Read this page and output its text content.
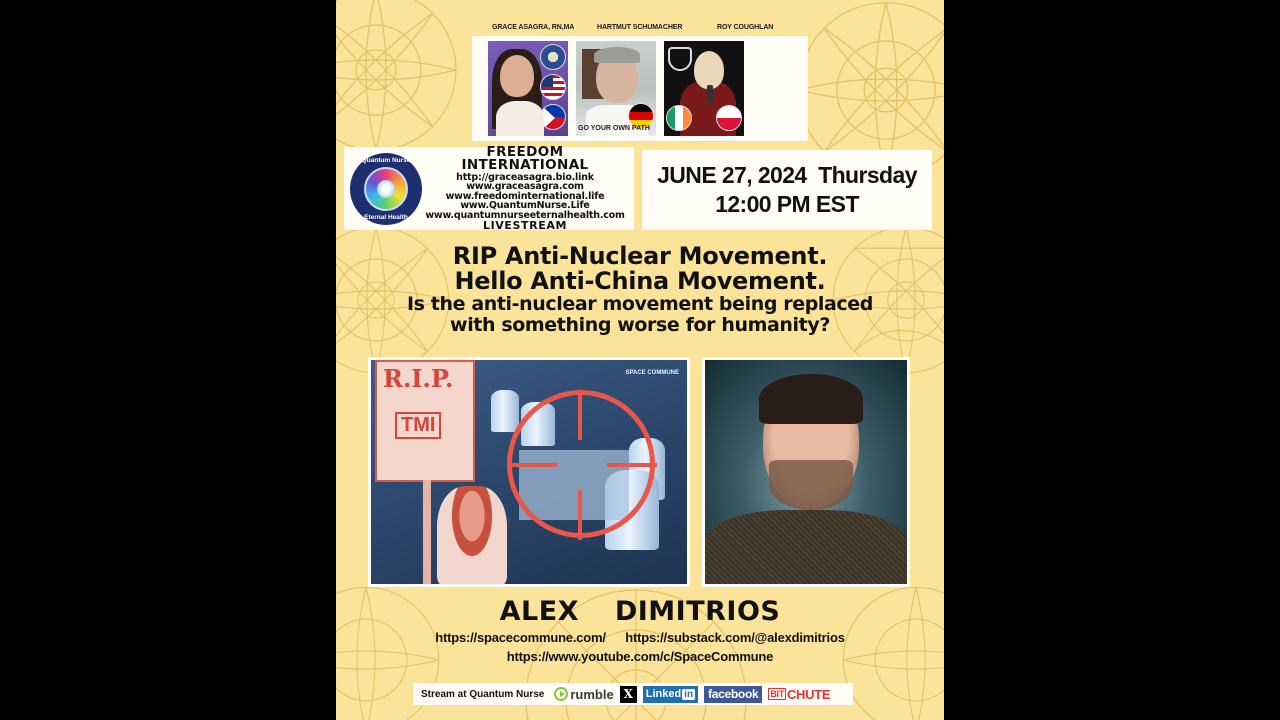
GRACE ASAGRA, RN,MA	HARTMUT SCHUMACHER	ROY COUGHLAN
GO YOUR OWN PATH
Quantum Nurse
Eternal Health
FREEDOM INTERNATIONAL
http://graceasagra.bio.link
www.graceasagra.com
www.freedominternational.life
www.QuantumNurse.Life
www.quantumnurseeternalhealth.com
LIVESTREAM
JUNE 27, 2024  Thursday
12:00 PM EST
RIP Anti-Nuclear Movement.
Hello Anti-China Movement.
Is the anti-nuclear movement being replaced
with something worse for humanity?
R.I.P.
TMI
SPACE COMMUNE
ALEX  DIMITRIOS
https://spacecommune.com/ https://substack.com/@alexdimitrios
https://www.youtube.com/c/SpaceCommune
Stream at Quantum Nurse rumble X	Linked in	facebook	BIT CHUTE
